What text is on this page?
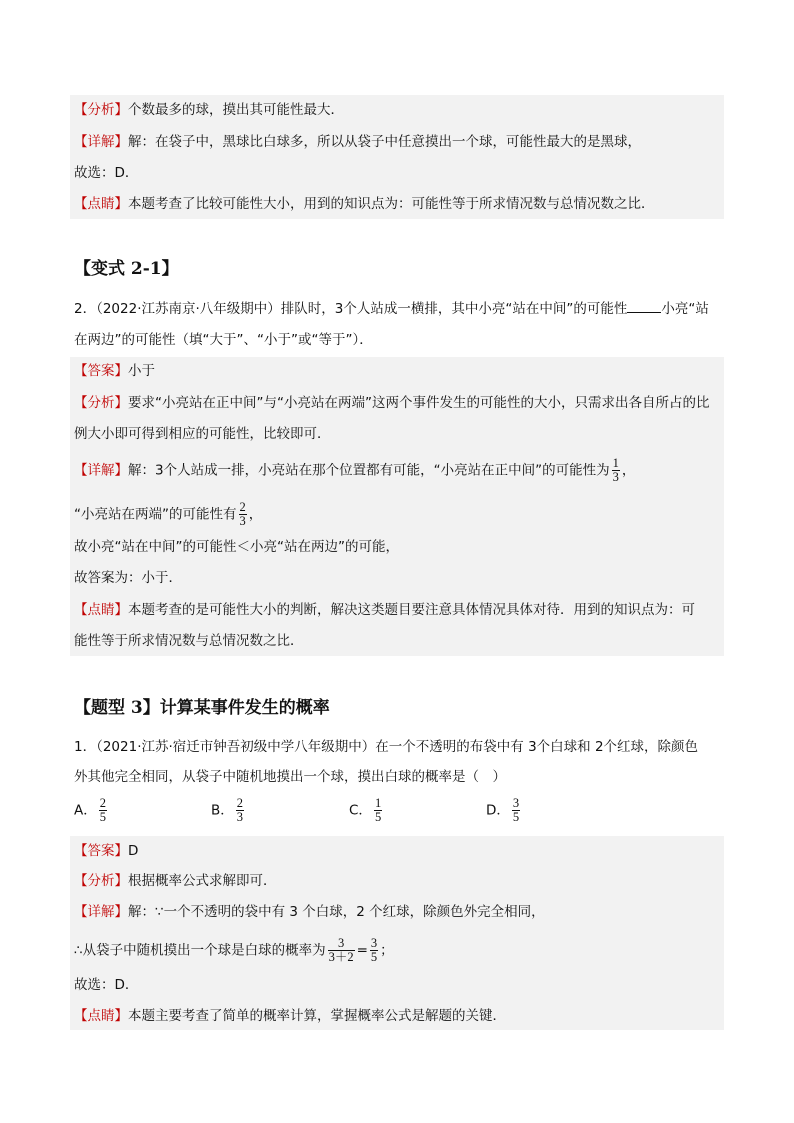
【分析】个数最多的球，摸出其可能性最大．
【详解】解：在袋子中，黑球比白球多，所以从袋子中任意摸出一个球，可能性最大的是黑球，
故选：D．
【点睛】本题考查了比较可能性大小，用到的知识点为：可能性等于所求情况数与总情况数之比．
【变式 2-1】
2．（2022·江苏南京·八年级期中）排队时，3个人站成一横排，其中小亮“站在中间”的可能性	小亮“站
在两边”的可能性（填“大于”、“小于”或“等于”）．
【答案】小于
【分析】要求“小亮站在正中间”与“小亮站在两端”这两个事件发生的可能性的大小，只需求出各自所占的比
例大小即可得到相应的可能性，比较即可．
【详解】解：3个人站成一排，小亮站在那个位置都有可能，“小亮站在正中间”的可能性为 $\frac{1}{3}$ ，
“小亮站在两端”的可能性有 $\frac{2}{3}$ ，
故小亮“站在中间”的可能性＜小亮“站在两边”的可能，
故答案为：小于．
【点睛】本题考查的是可能性大小的判断，解决这类题目要注意具体情况具体对待．用到的知识点为：可
能性等于所求情况数与总情况数之比．
【题型 3】计算某事件发生的概率
1．（2021·江苏·宿迁市钟吾初级中学八年级期中）在一个不透明的布袋中有 3个白球和 2个红球，除颜色
外其他完全相同，从袋子中随机地摸出一个球，摸出白球的概率是（　）
A． $\frac{2}{5}$	B． $\frac{2}{3}$	C． $\frac{1}{5}$	D． $\frac{3}{5}$
【答案】D
【分析】根据概率公式求解即可．
【详解】解：∵一个不透明的袋中有 3 个白球，2 个红球，除颜色外完全相同，
∴从袋子中随机摸出一个球是白球的概率为 $\frac{3}{3+2} = \frac{3}{5}$ ；
故选：D．
【点睛】本题主要考查了简单的概率计算，掌握概率公式是解题的关键．
